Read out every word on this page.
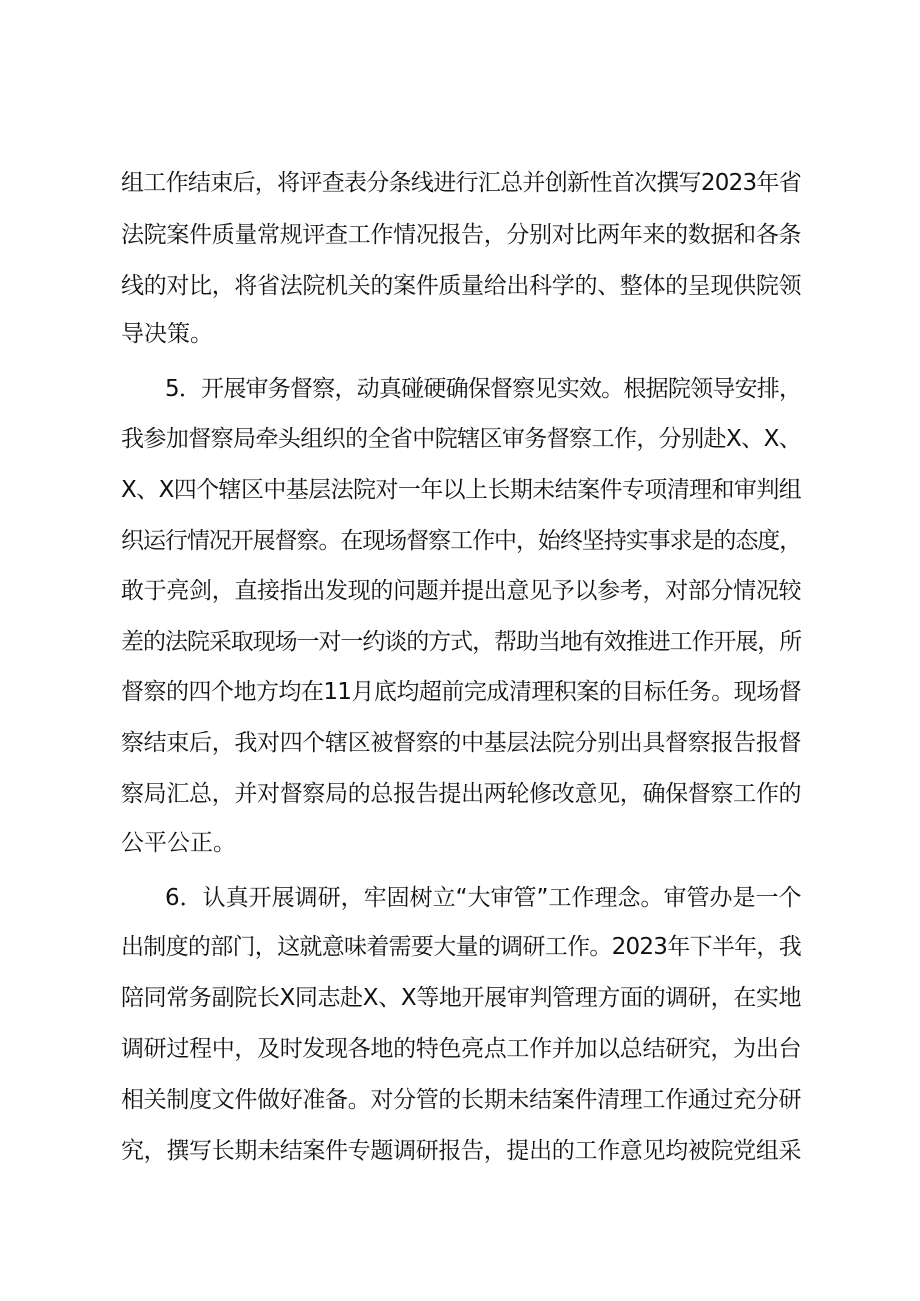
组工作结束后，将评查表分条线进行汇总并创新性首次撰写2023年省
法院案件质量常规评查工作情况报告，分别对比两年来的数据和各条
线的对比，将省法院机关的案件质量给出科学的、整体的呈现供院领
导决策。
5．开展审务督察，动真碰硬确保督察见实效。根据院领导安排，
我参加督察局牵头组织的全省中院辖区审务督察工作，分别赴X、X、
X、X四个辖区中基层法院对一年以上长期未结案件专项清理和审判组
织运行情况开展督察。在现场督察工作中，始终坚持实事求是的态度，
敢于亮剑，直接指出发现的问题并提出意见予以参考，对部分情况较
差的法院采取现场一对一约谈的方式，帮助当地有效推进工作开展，所
督察的四个地方均在11月底均超前完成清理积案的目标任务。现场督
察结束后，我对四个辖区被督察的中基层法院分别出具督察报告报督
察局汇总，并对督察局的总报告提出两轮修改意见，确保督察工作的
公平公正。
6．认真开展调研，牢固树立“大审管”工作理念。审管办是一个
出制度的部门，这就意味着需要大量的调研工作。2023年下半年，我
陪同常务副院长X同志赴X、X等地开展审判管理方面的调研，在实地
调研过程中，及时发现各地的特色亮点工作并加以总结研究，为出台
相关制度文件做好准备。对分管的长期未结案件清理工作通过充分研
究，撰写长期未结案件专题调研报告，提出的工作意见均被院党组采
